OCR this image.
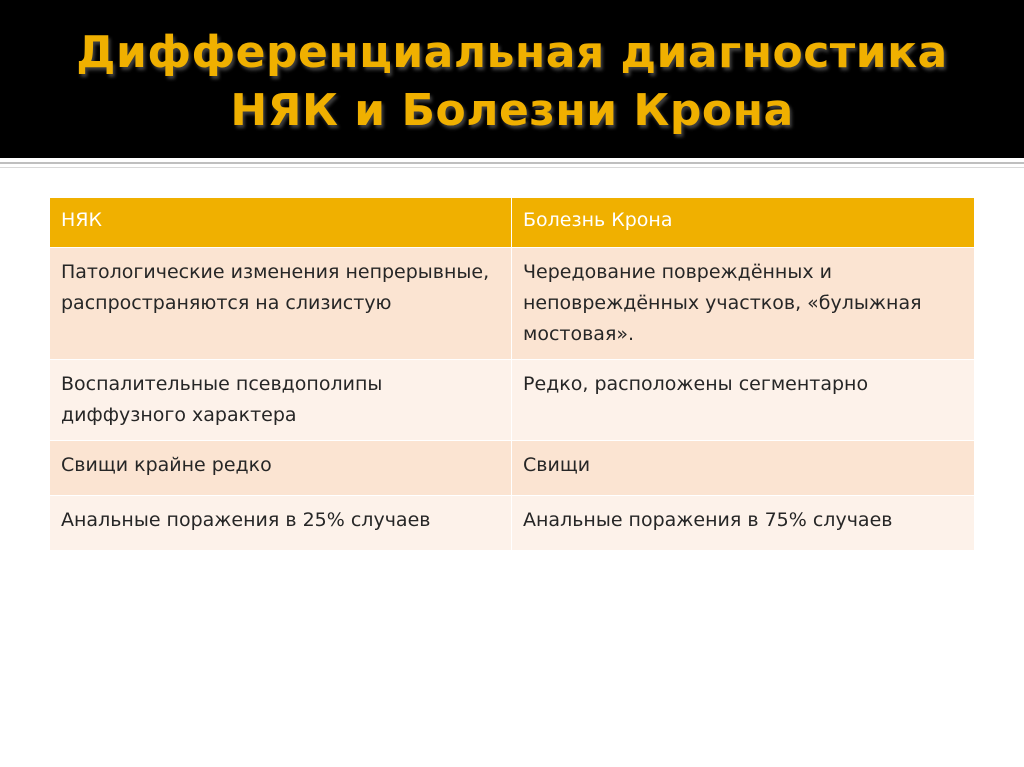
Дифференциальная диагностика
НЯК и Болезни Крона
НЯК	Болезнь Крона
Патологические изменения непрерывные, распространяются на слизистую	Чередование повреждённых и неповреждённых участков, «булыжная мостовая».
Воспалительные псевдополипы диффузного характера	Редко, расположены сегментарно
Свищи крайне редко	Свищи
Анальные поражения в 25% случаев	Анальные поражения в 75% случаев
